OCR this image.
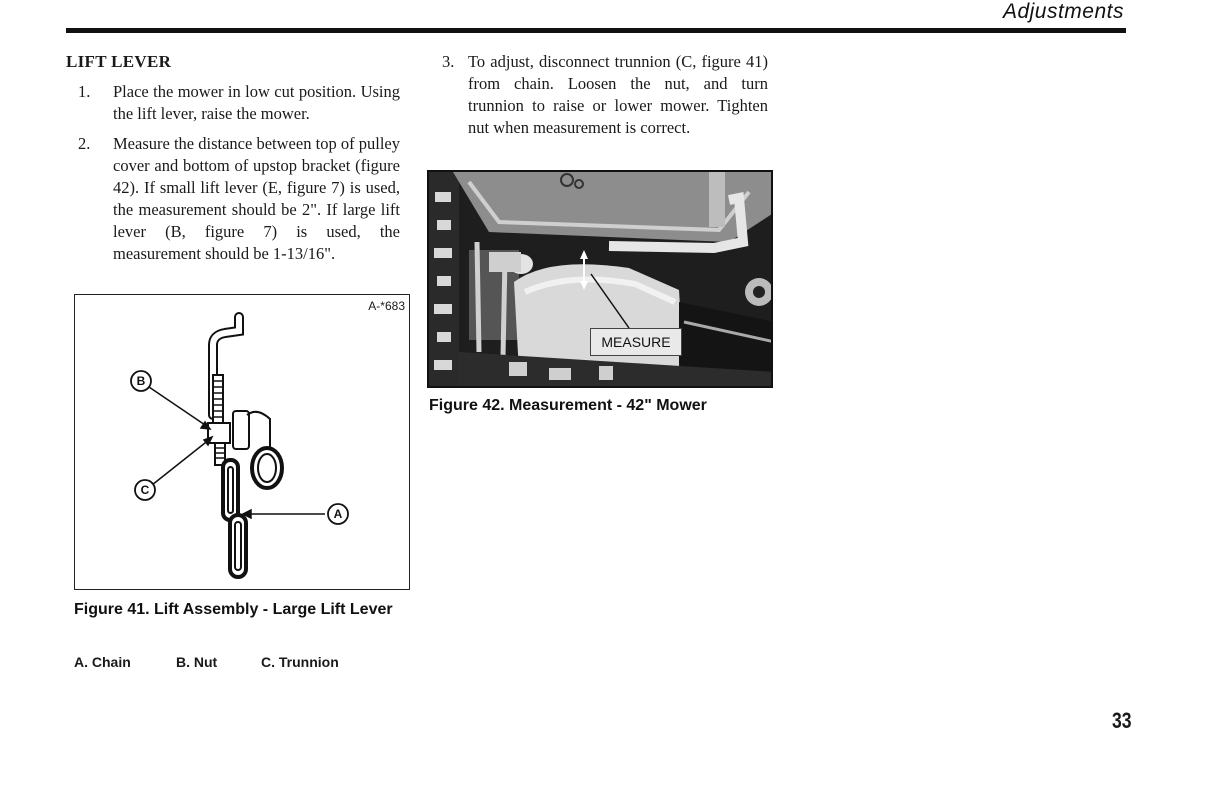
Adjustments
LIFT LEVER
1.	Place the mower in low cut position. Using the lift lever, raise the mower.
2.	Measure the distance between top of pulley cover and bottom of upstop bracket (figure 42). If small lift lever (E, figure 7) is used, the measurement should be 2". If large lift lever (B, figure 7) is used, the measurement should be 1-13/16".
3. To adjust, disconnect trunnion (C, figure 41) from chain. Loosen the nut, and turn trunnion to raise or lower mower. Tighten nut when measurement is correct.
A-*683
B
C
A
Figure 41. Lift Assembly - Large Lift Lever
A. Chain	B. Nut	C. Trunnion
MEASURE
Figure 42. Measurement - 42" Mower
33
